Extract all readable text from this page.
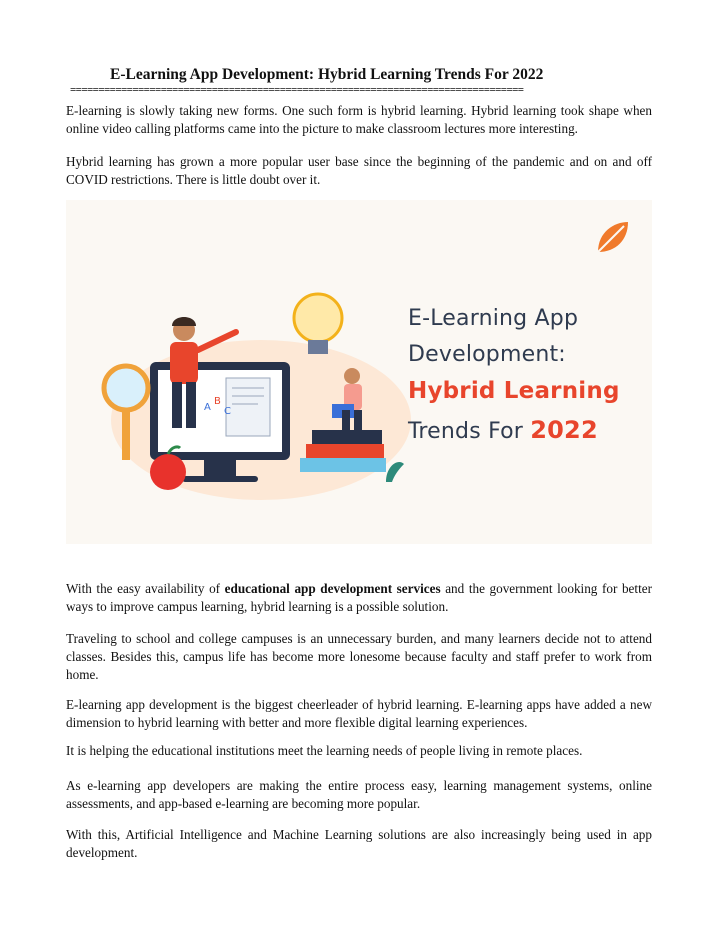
E-Learning App Development: Hybrid Learning Trends For 2022
================================================================================

E-learning is slowly taking new forms. One such form is hybrid learning. Hybrid learning took shape when online video calling platforms came into the picture to make classroom lectures more interesting.

Hybrid learning has grown a more popular user base since the beginning of the pandemic and on and off COVID restrictions. There is little doubt over it.

A
B
C
E-Learning App
Development:
Hybrid Learning
Trends For 2022

With the easy availability of educational app development services and the government looking for better ways to improve campus learning, hybrid learning is a possible solution.

Traveling to school and college campuses is an unnecessary burden, and many learners decide not to attend classes. Besides this, campus life has become more lonesome because faculty and staff prefer to work from home.

E-learning app development is the biggest cheerleader of hybrid learning. E-learning apps have added a new dimension to hybrid learning with better and more flexible digital learning experiences.

It is helping the educational institutions meet the learning needs of people living in remote places.

As e-learning app developers are making the entire process easy, learning management systems, online assessments, and app-based e-learning are becoming more popular.

With this, Artificial Intelligence and Machine Learning solutions are also increasingly being used in app development.
